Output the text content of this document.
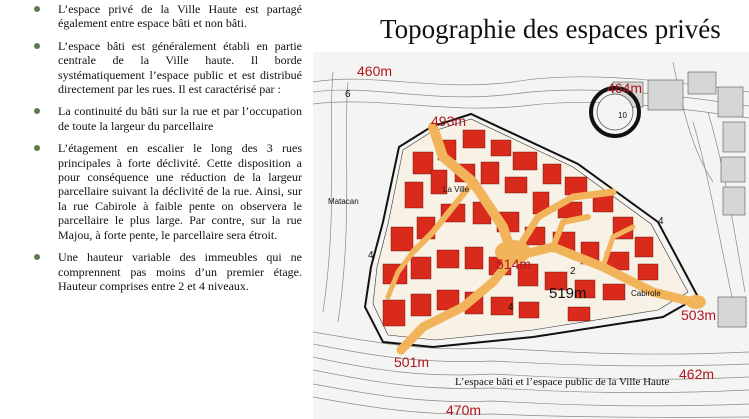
L’espace privé de la Ville Haute est partagé également entre espace bâti et non bâti.
L’espace bâti est généralement établi en partie centrale de la Ville haute. Il borde systématiquement l’espace public et est distribué directement par les rues. Il est caractérisé par :
La continuité du bâti sur la rue et par l’occupation de toute la largeur du parcellaire
L’étagement en escalier le long des 3 rues principales à forte déclivité. Cette disposition a pour conséquence une réduction de la largeur parcellaire suivant la déclivité de la rue. Ainsi, sur la rue Cabirole à faible pente on observera le parcellaire le plus large. Par contre, sur la rue Majou, à forte pente, le parcellaire sera étroit.
Une hauteur variable des immeubles qui ne comprennent pas moins d’un premier étage. Hauteur comprises entre 2 et 4 niveaux.
Topographie des espaces privés
La Ville
Matacan
Cabirole
6
4
4
4
2
10
460m
464m
493m
514m
503m
501m
462m
470m
519m
L’espace bâti et l’espace public de la Ville Haute
